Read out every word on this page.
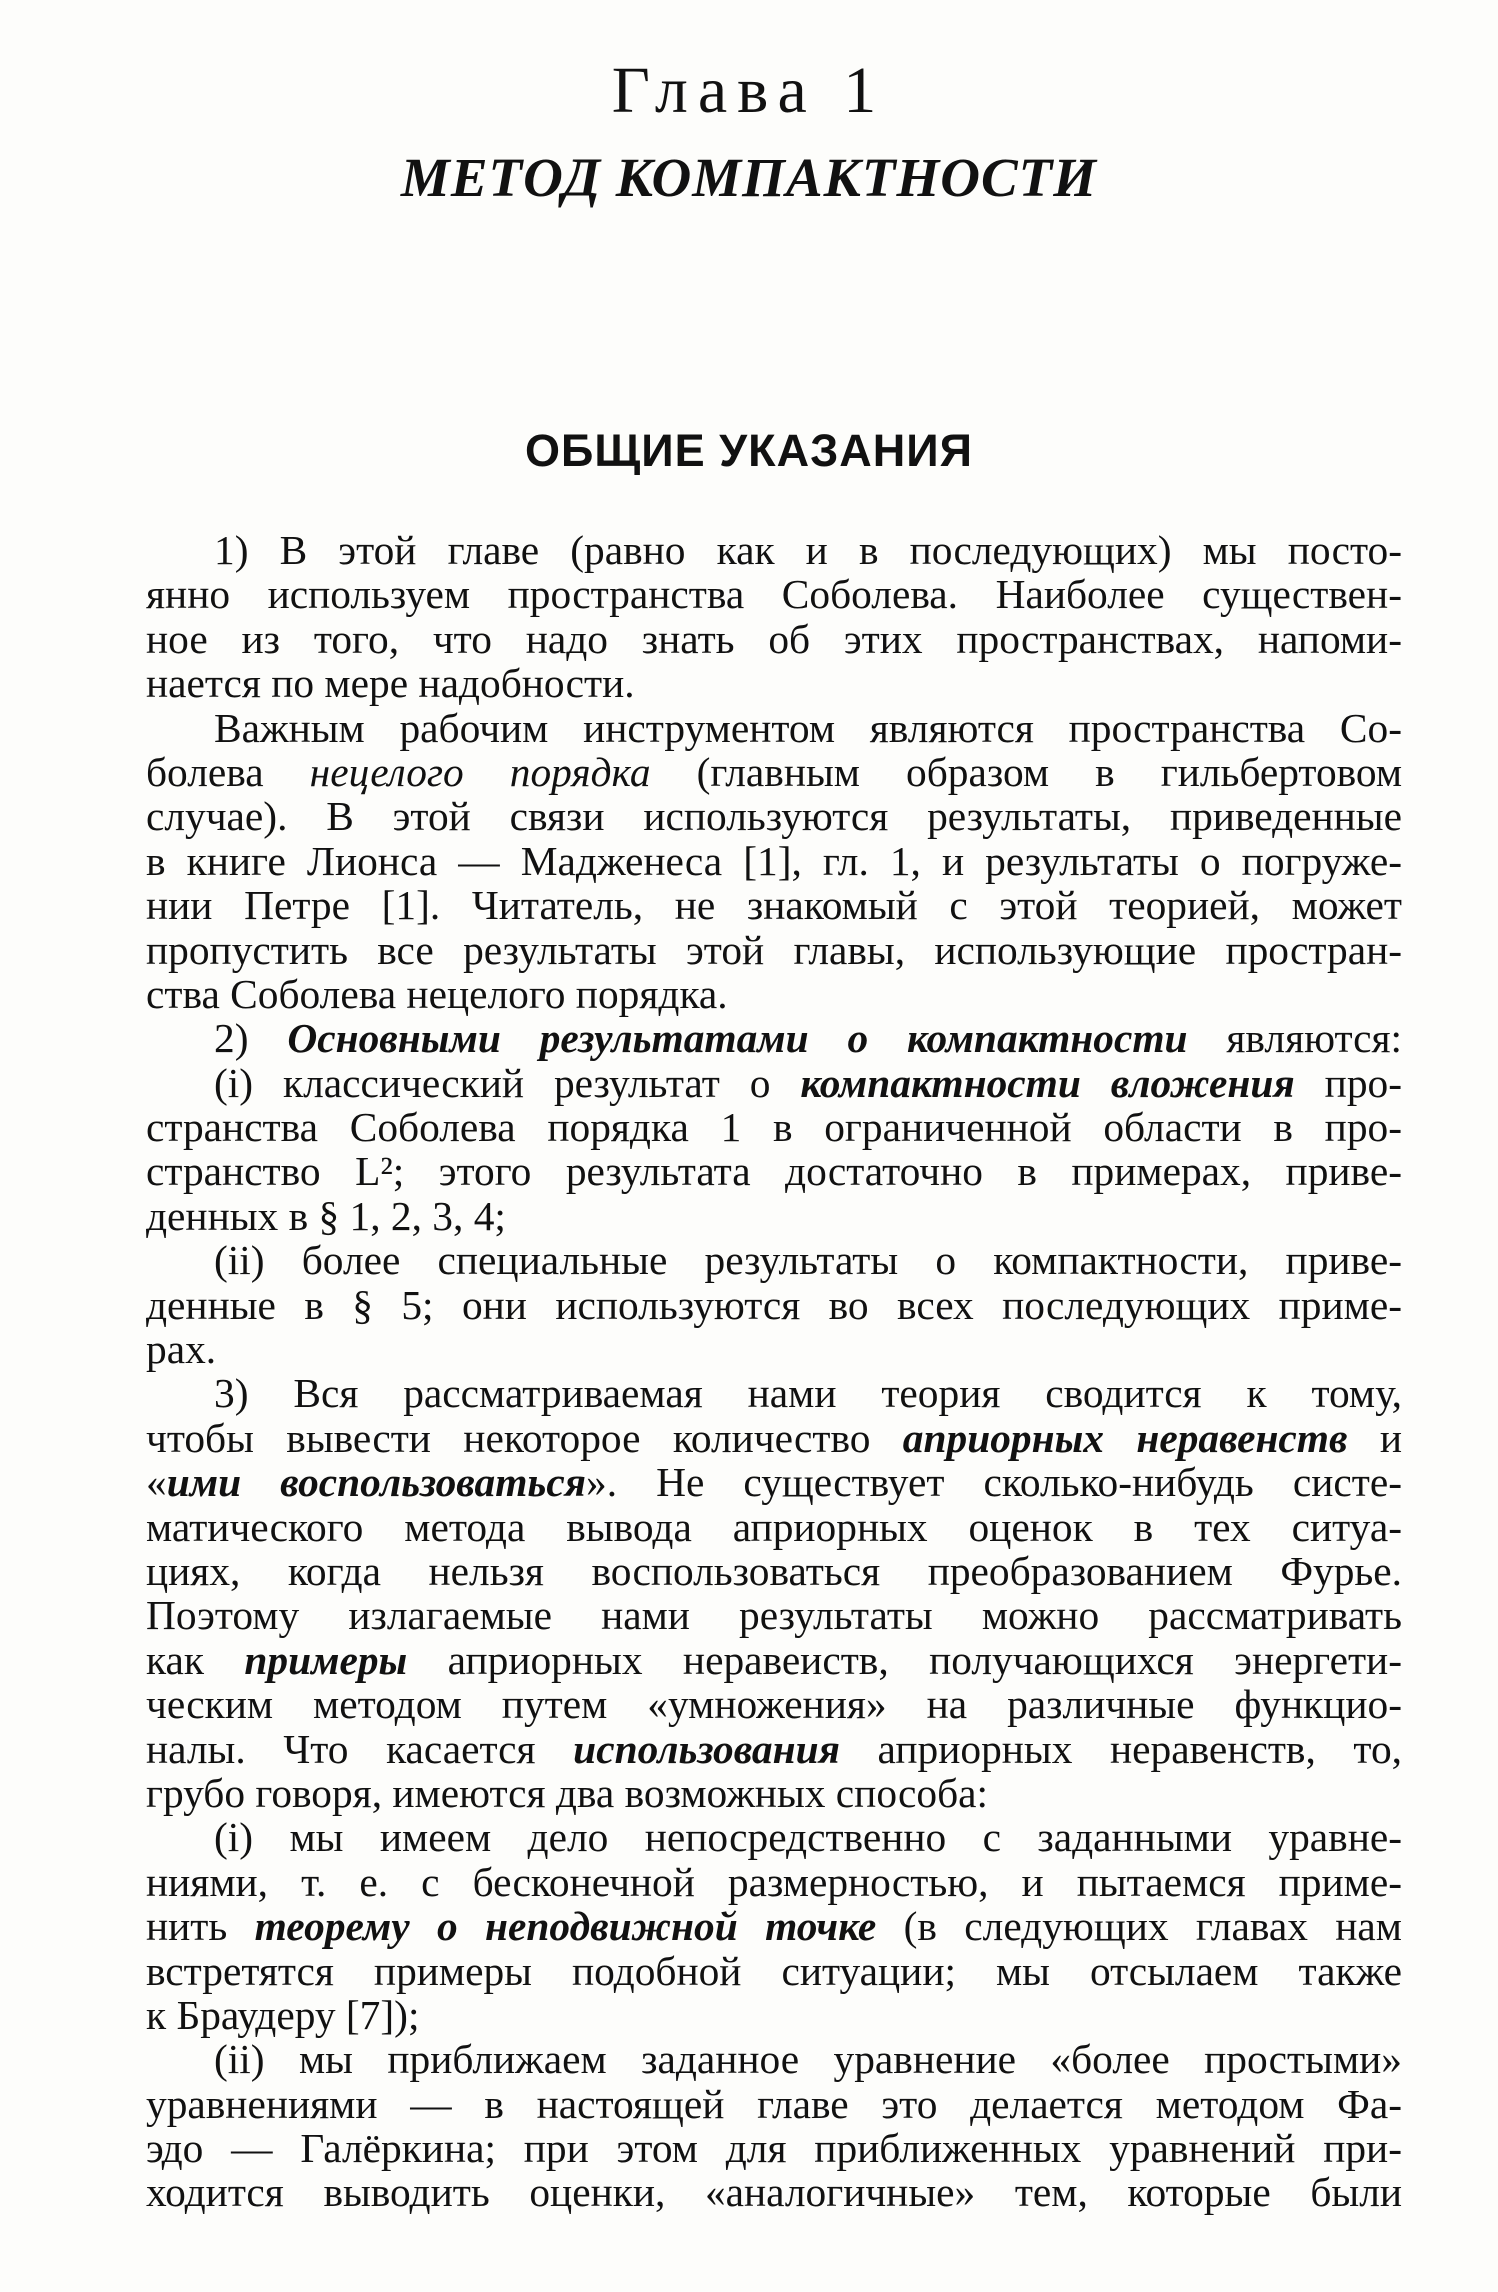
Глава 1
МЕТОД КОМПАКТНОСТИ
ОБЩИЕ УКАЗАНИЯ
1) В этой главе (равно как и в последующих) мы посто-
янно используем пространства Соболева. Наиболее существен-
ное из того, что надо знать об этих пространствах, напоми-
нается по мере надобности.
Важным рабочим инструментом являются пространства Со-
болева нецелого порядка (главным образом в гильбертовом
случае). В этой связи используются результаты, приведенные
в книге Лионса — Мадженеса [1], гл. 1, и результаты о погруже-
нии Петре [1]. Читатель, не знакомый с этой теорией, может
пропустить все результаты этой главы, использующие простран-
ства Соболева нецелого порядка.
2) Основными результатами о компактности являются:
(i) классический результат о компактности вложения про-
странства Соболева порядка 1 в ограниченной области в про-
странство L²; этого результата достаточно в примерах, приве-
денных в § 1, 2, 3, 4;
(ii) более специальные результаты о компактности, приве-
денные в § 5; они используются во всех последующих приме-
рах.
3) Вся рассматриваемая нами теория сводится к тому,
чтобы вывести некоторое количество априорных неравенств и
«ими воспользоваться». Не существует сколько-нибудь систе-
матического метода вывода априорных оценок в тех ситуа-
циях, когда нельзя воспользоваться преобразованием Фурье.
Поэтому излагаемые нами результаты можно рассматривать
как примеры априорных неравеиств, получающихся энергети-
ческим методом путем «умножения» на различные функцио-
налы. Что касается использования априорных неравенств, то,
грубо говоря, имеются два возможных способа:
(i) мы имеем дело непосредственно с заданными уравне-
ниями, т. е. с бесконечной размерностью, и пытаемся приме-
нить теорему о неподвижной точке (в следующих главах нам
встретятся примеры подобной ситуации; мы отсылаем также
к Браудеру [7]);
(ii) мы приближаем заданное уравнение «более простыми»
уравнениями — в настоящей главе это делается методом Фа-
эдо — Галёркина; при этом для приближенных уравнений при-
ходится выводить оценки, «аналогичные» тем, которые были
